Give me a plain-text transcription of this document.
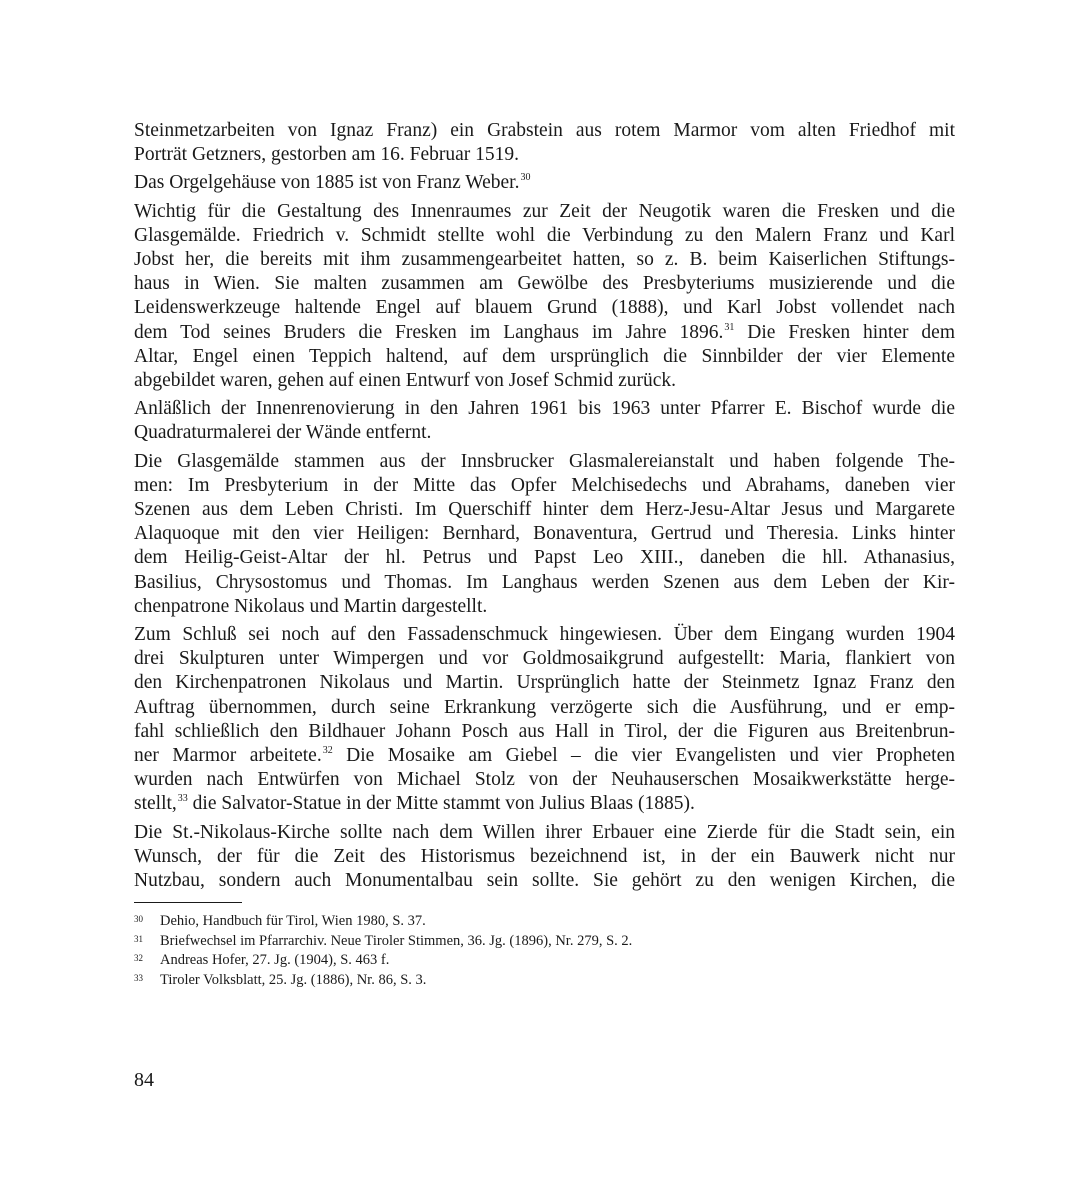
Steinmetzarbeiten von Ignaz Franz) ein Grabstein aus rotem Marmor vom alten Friedhof mit
Porträt Getzners, gestorben am 16. Februar 1519.

Das Orgelgehäuse von 1885 ist von Franz Weber.$^{30}$

Wichtig für die Gestaltung des Innenraumes zur Zeit der Neugotik waren die Fresken und die
Glasgemälde. Friedrich v. Schmidt stellte wohl die Verbindung zu den Malern Franz und Karl
Jobst her, die bereits mit ihm zusammengearbeitet hatten, so z. B. beim Kaiserlichen Stiftungs-
haus in Wien. Sie malten zusammen am Gewölbe des Presbyteriums musizierende und die
Leidenswerkzeuge haltende Engel auf blauem Grund (1888), und Karl Jobst vollendet nach
dem Tod seines Bruders die Fresken im Langhaus im Jahre 1896.31 Die Fresken hinter dem
Altar, Engel einen Teppich haltend, auf dem ursprünglich die Sinnbilder der vier Elemente
abgebildet waren, gehen auf einen Entwurf von Josef Schmid zurück.

Anläßlich der Innenrenovierung in den Jahren 1961 bis 1963 unter Pfarrer E. Bischof wurde die
Quadraturmalerei der Wände entfernt.

Die Glasgemälde stammen aus der Innsbrucker Glasmalereianstalt und haben folgende The-
men: Im Presbyterium in der Mitte das Opfer Melchisedechs und Abrahams, daneben vier
Szenen aus dem Leben Christi. Im Querschiff hinter dem Herz-Jesu-Altar Jesus und Margarete
Alaquoque mit den vier Heiligen: Bernhard, Bonaventura, Gertrud und Theresia. Links hinter
dem Heilig-Geist-Altar der hl. Petrus und Papst Leo XIII., daneben die hll. Athanasius,
Basilius, Chrysostomus und Thomas. Im Langhaus werden Szenen aus dem Leben der Kir-
chenpatrone Nikolaus und Martin dargestellt.

Zum Schluß sei noch auf den Fassadenschmuck hingewiesen. Über dem Eingang wurden 1904
drei Skulpturen unter Wimpergen und vor Goldmosaikgrund aufgestellt: Maria, flankiert von
den Kirchenpatronen Nikolaus und Martin. Ursprünglich hatte der Steinmetz Ignaz Franz den
Auftrag übernommen, durch seine Erkrankung verzögerte sich die Ausführung, und er emp-
fahl schließlich den Bildhauer Johann Posch aus Hall in Tirol, der die Figuren aus Breitenbrun-
ner Marmor arbeitete.$^{32}$ Die Mosaike am Giebel – die vier Evangelisten und vier Propheten
wurden nach Entwürfen von Michael Stolz von der Neuhauserschen Mosaikwerkstätte herge-
stellt,$^{33}$ die Salvator-Statue in der Mitte stammt von Julius Blaas (1885).

Die St.-Nikolaus-Kirche sollte nach dem Willen ihrer Erbauer eine Zierde für die Stadt sein, ein
Wunsch, der für die Zeit des Historismus bezeichnend ist, in der ein Bauwerk nicht nur
Nutzbau, sondern auch Monumentalbau sein sollte. Sie gehört zu den wenigen Kirchen, die

30	Dehio, Handbuch für Tirol, Wien 1980, S. 37.
31	Briefwechsel im Pfarrarchiv. Neue Tiroler Stimmen, 36. Jg. (1896), Nr. 279, S. 2.
32	Andreas Hofer, 27. Jg. (1904), S. 463 f.
33	Tiroler Volksblatt, 25. Jg. (1886), Nr. 86, S. 3.
84
